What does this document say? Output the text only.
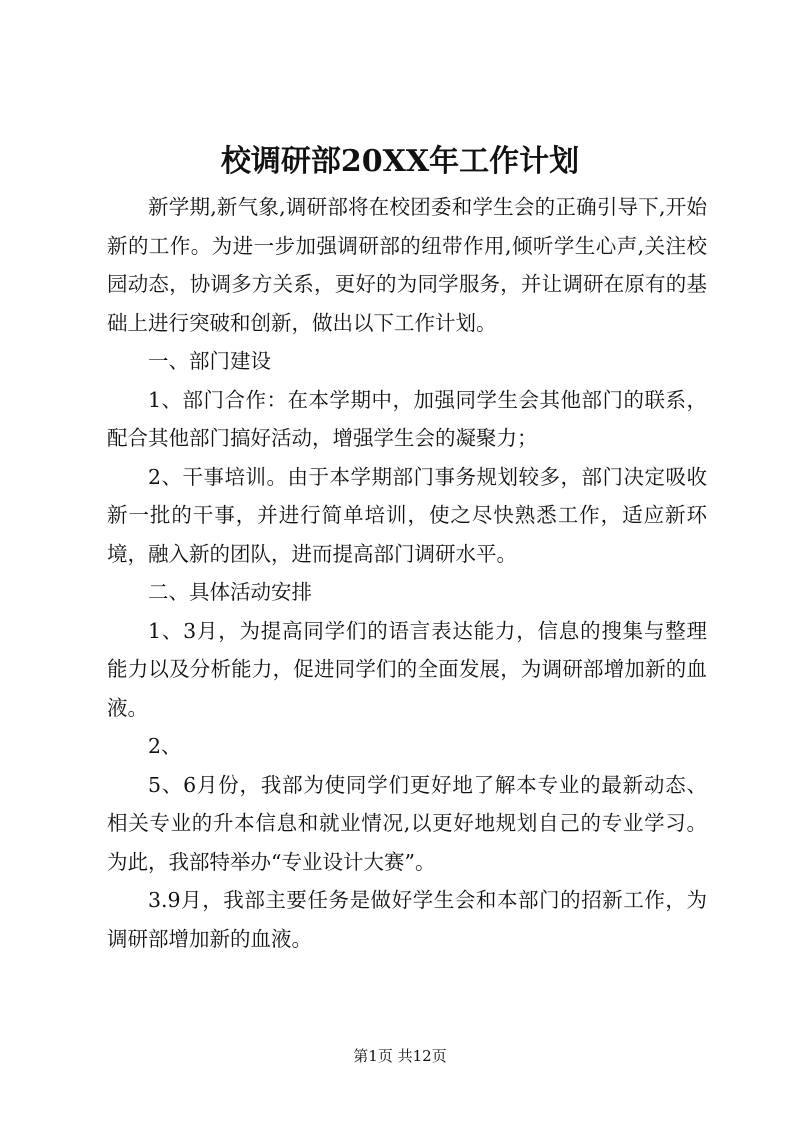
校调研部20XX年工作计划

新学期,新气象,调研部将在校团委和学生会的正确引导下,开始新的工作。为进一步加强调研部的纽带作用,倾听学生心声,关注校园动态，协调多方关系，更好的为同学服务，并让调研在原有的基础上进行突破和创新，做出以下工作计划。

一、部门建设

1、部门合作：在本学期中，加强同学生会其他部门的联系，配合其他部门搞好活动，增强学生会的凝聚力；

2、干事培训。由于本学期部门事务规划较多，部门决定吸收新一批的干事，并进行简单培训，使之尽快熟悉工作，适应新环境，融入新的团队，进而提高部门调研水平。

二、具体活动安排

1、3月，为提高同学们的语言表达能力，信息的搜集与整理能力以及分析能力，促进同学们的全面发展，为调研部增加新的血液。

2、

5、6月份，我部为使同学们更好地了解本专业的最新动态、相关专业的升本信息和就业情况,以更好地规划自己的专业学习。为此，我部特举办“专业设计大赛”。

3.9月，我部主要任务是做好学生会和本部门的招新工作，为调研部增加新的血液。

第1页 共12页
